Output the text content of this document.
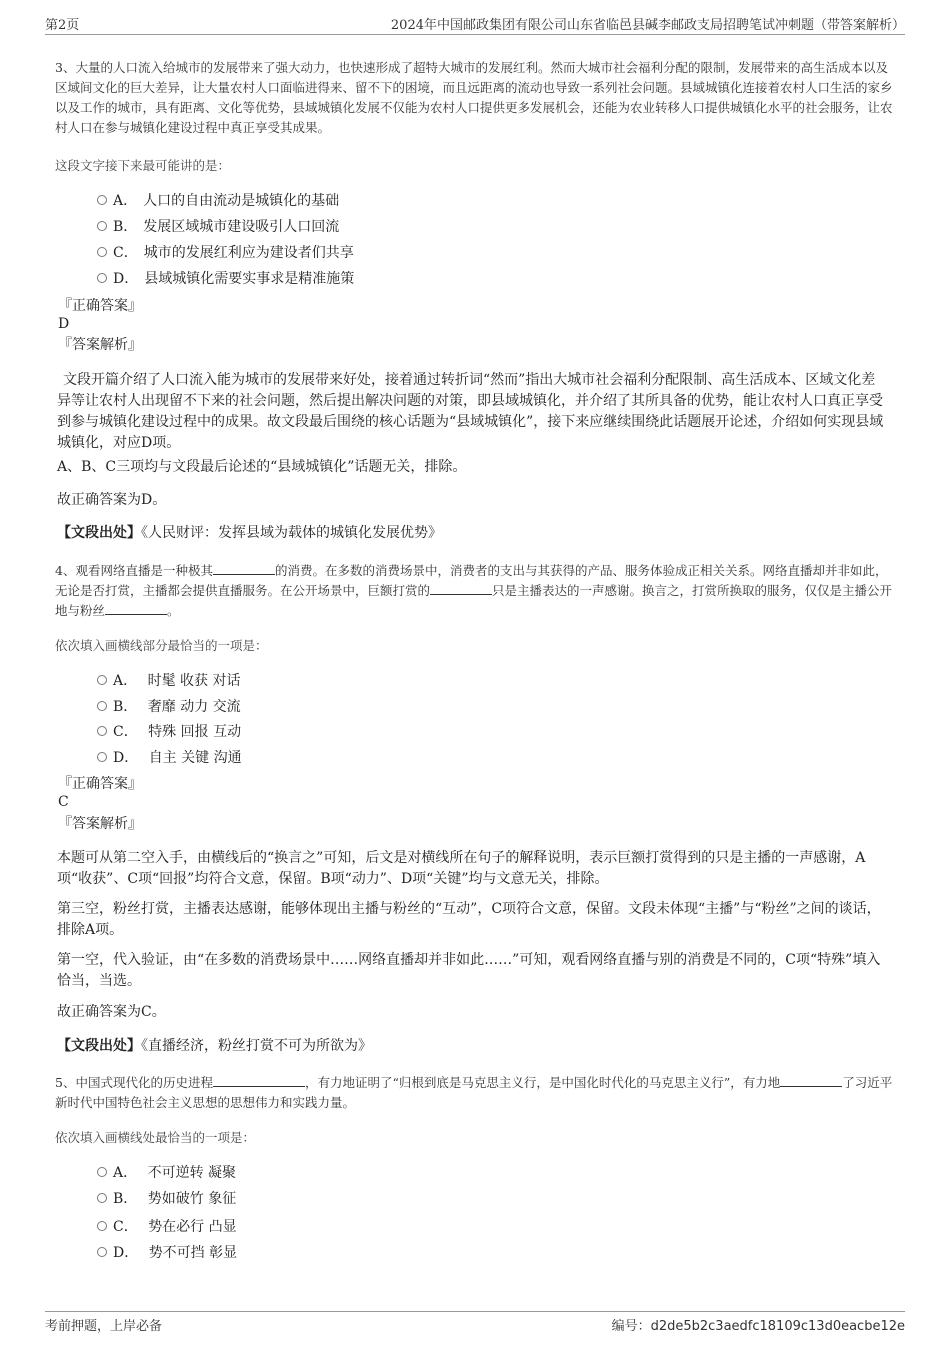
第2页	2024年中国邮政集团有限公司山东省临邑县碱李邮政支局招聘笔试冲刺题（带答案解析）

3、大量的人口流入给城市的发展带来了强大动力，也快速形成了超特大城市的发展红利。然而大城市社会福利分配的限制，发展带来的高生活成本以及区域间文化的巨大差异，让大量农村人口面临进得来、留不下的困境，而且远距离的流动也导致一系列社会问题。县域城镇化连接着农村人口生活的家乡以及工作的城市，具有距离、文化等优势，县域城镇化发展不仅能为农村人口提供更多发展机会，还能为农业转移人口提供城镇化水平的社会服务，让农村人口在参与城镇化建设过程中真正享受其成果。

这段文字接下来最可能讲的是：

A． 人口的自由流动是城镇化的基础
B． 发展区域城市建设吸引人口回流
C． 城市的发展红利应为建设者们共享
D． 县域城镇化需要实事求是精准施策

『正确答案』

D

『答案解析』

文段开篇介绍了人口流入能为城市的发展带来好处，接着通过转折词“然而”指出大城市社会福利分配限制、高生活成本、区域文化差异等让农村人出现留不下来的社会问题，然后提出解决问题的对策，即县域城镇化，并介绍了其所具备的优势，能让农村人口真正享受到参与城镇化建设过程中的成果。故文段最后围绕的核心话题为“县域城镇化”，接下来应继续围绕此话题展开论述，介绍如何实现县域城镇化，对应D项。

A、B、C三项均与文段最后论述的“县域城镇化”话题无关，排除。

故正确答案为D。

【文段出处】《人民财评：发挥县域为载体的城镇化发展优势》

4、观看网络直播是一种极其	的消费。在多数的消费场景中，消费者的支出与其获得的产品、服务体验成正相关关系。网络直播却并非如此，无论是否打赏，主播都会提供直播服务。在公开场景中，巨额打赏的	只是主播表达的一声感谢。换言之，打赏所换取的服务，仅仅是主播公开地与粉丝	。

依次填入画横线部分最恰当的一项是：

A． 时髦 收获 对话
B． 奢靡 动力 交流
C． 特殊 回报 互动
D． 自主 关键 沟通

『正确答案』

C

『答案解析』

本题可从第二空入手，由横线后的“换言之”可知，后文是对横线所在句子的解释说明，表示巨额打赏得到的只是主播的一声感谢，A项“收获”、C项“回报”均符合文意，保留。B项“动力”、D项“关键”均与文意无关，排除。

第三空，粉丝打赏，主播表达感谢，能够体现出主播与粉丝的“互动”，C项符合文意，保留。文段未体现“主播”与“粉丝”之间的谈话，排除A项。

第一空，代入验证，由“在多数的消费场景中……网络直播却并非如此……”可知，观看网络直播与别的消费是不同的，C项“特殊”填入恰当，当选。

故正确答案为C。

【文段出处】《直播经济，粉丝打赏不可为所欲为》

5、中国式现代化的历史进程	，有力地证明了“归根到底是马克思主义行，是中国化时代化的马克思主义行”，有力地	了习近平新时代中国特色社会主义思想的思想伟力和实践力量。

依次填入画横线处最恰当的一项是：

A． 不可逆转 凝聚
B． 势如破竹 象征
C． 势在必行 凸显
D． 势不可挡 彰显
考前押题，上岸必备	编号：d2de5b2c3aedfc18109c13d0eacbe12e
